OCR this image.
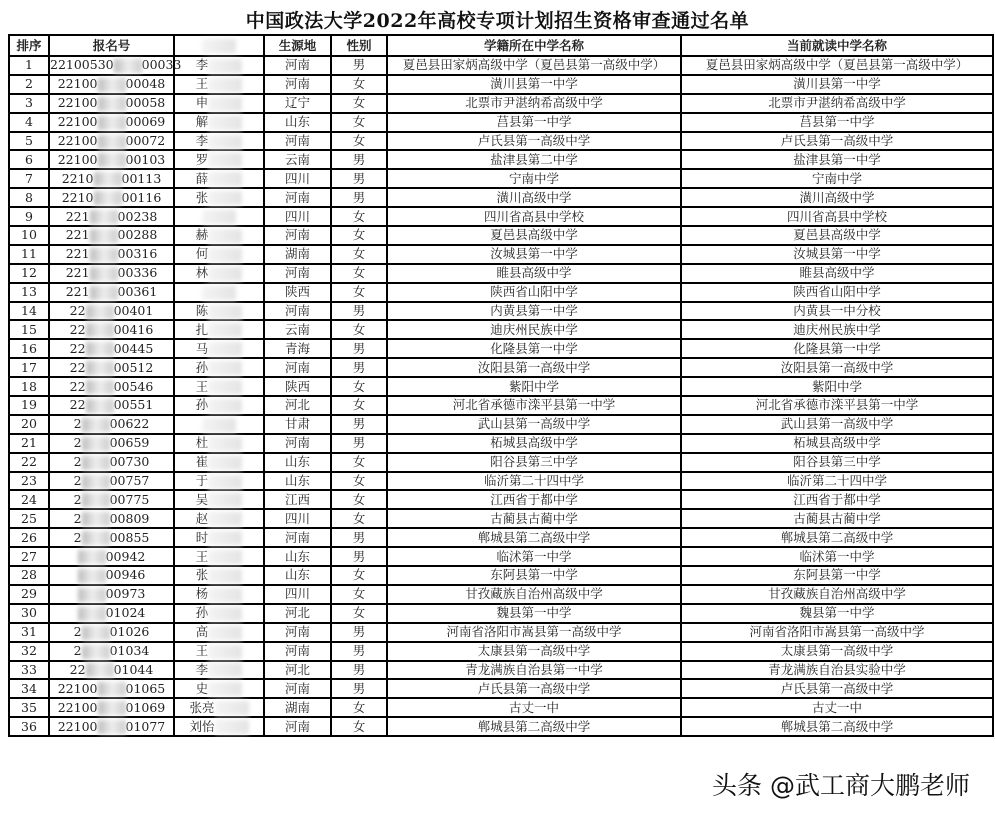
中国政法大学2022年高校专项计划招生资格审查通过名单
排序	报名号		生源地	性别	学籍所在中学名称	当前就读中学名称
1	22100530 00033	李	河南	男	夏邑县田家炳高级中学（夏邑县第一高级中学）	夏邑县田家炳高级中学（夏邑县第一高级中学）
2	22100 00048	王	河南	女	潢川县第一中学	潢川县第一中学
3	22100 00058	申	辽宁	女	北票市尹湛纳希高级中学	北票市尹湛纳希高级中学
4	22100 00069	解	山东	女	莒县第一中学	莒县第一中学
5	22100 00072	李	河南	女	卢氏县第一高级中学	卢氏县第一高级中学
6	22100 00103	罗	云南	男	盐津县第二中学	盐津县第一中学
7	2210 00113	薛	四川	男	宁南中学	宁南中学
8	2210 00116	张	河南	男	潢川高级中学	潢川高级中学
9	221 00238		四川	女	四川省高县中学校	四川省高县中学校
10	221 00288	赫	河南	女	夏邑县高级中学	夏邑县高级中学
11	221 00316	何	湖南	女	汝城县第一中学	汝城县第一中学
12	221 00336	林	河南	女	睢县高级中学	睢县高级中学
13	221 00361		陕西	女	陕西省山阳中学	陕西省山阳中学
14	22 00401	陈	河南	男	内黄县第一中学	内黄县一中分校
15	22 00416	扎	云南	女	迪庆州民族中学	迪庆州民族中学
16	22 00445	马	青海	男	化隆县第一中学	化隆县第一中学
17	22 00512	孙	河南	男	汝阳县第一高级中学	汝阳县第一高级中学
18	22 00546	王	陕西	女	紫阳中学	紫阳中学
19	22 00551	孙	河北	女	河北省承德市滦平县第一中学	河北省承德市滦平县第一中学
20	2 00622		甘肃	男	武山县第一高级中学	武山县第一高级中学
21	2 00659	杜	河南	男	柘城县高级中学	柘城县高级中学
22	2 00730	崔	山东	女	阳谷县第三中学	阳谷县第三中学
23	2 00757	于	山东	女	临沂第二十四中学	临沂第二十四中学
24	2 00775	吴	江西	女	江西省于都中学	江西省于都中学
25	2 00809	赵	四川	女	古蔺县古蔺中学	古蔺县古蔺中学
26	2 00855	时	河南	男	郸城县第二高级中学	郸城县第二高级中学
27	00942	王	山东	男	临沭第一中学	临沭第一中学
28	00946	张	山东	女	东阿县第一中学	东阿县第一中学
29	00973	杨	四川	女	甘孜藏族自治州高级中学	甘孜藏族自治州高级中学
30	01024	孙	河北	女	魏县第一中学	魏县第一中学
31	2 01026	高	河南	男	河南省洛阳市嵩县第一高级中学	河南省洛阳市嵩县第一高级中学
32	2 01034	王	河南	男	太康县第一高级中学	太康县第一高级中学
33	22 01044	李	河北	男	青龙满族自治县第一中学	青龙满族自治县实验中学
34	22100 01065	史	河南	男	卢氏县第一高级中学	卢氏县第一高级中学
35	22100 01069	张亮	湖南	女	古丈一中	古丈一中
36	22100 01077	刘怡	河南	女	郸城县第二高级中学	郸城县第二高级中学
头条 @武工商大鹏老师
